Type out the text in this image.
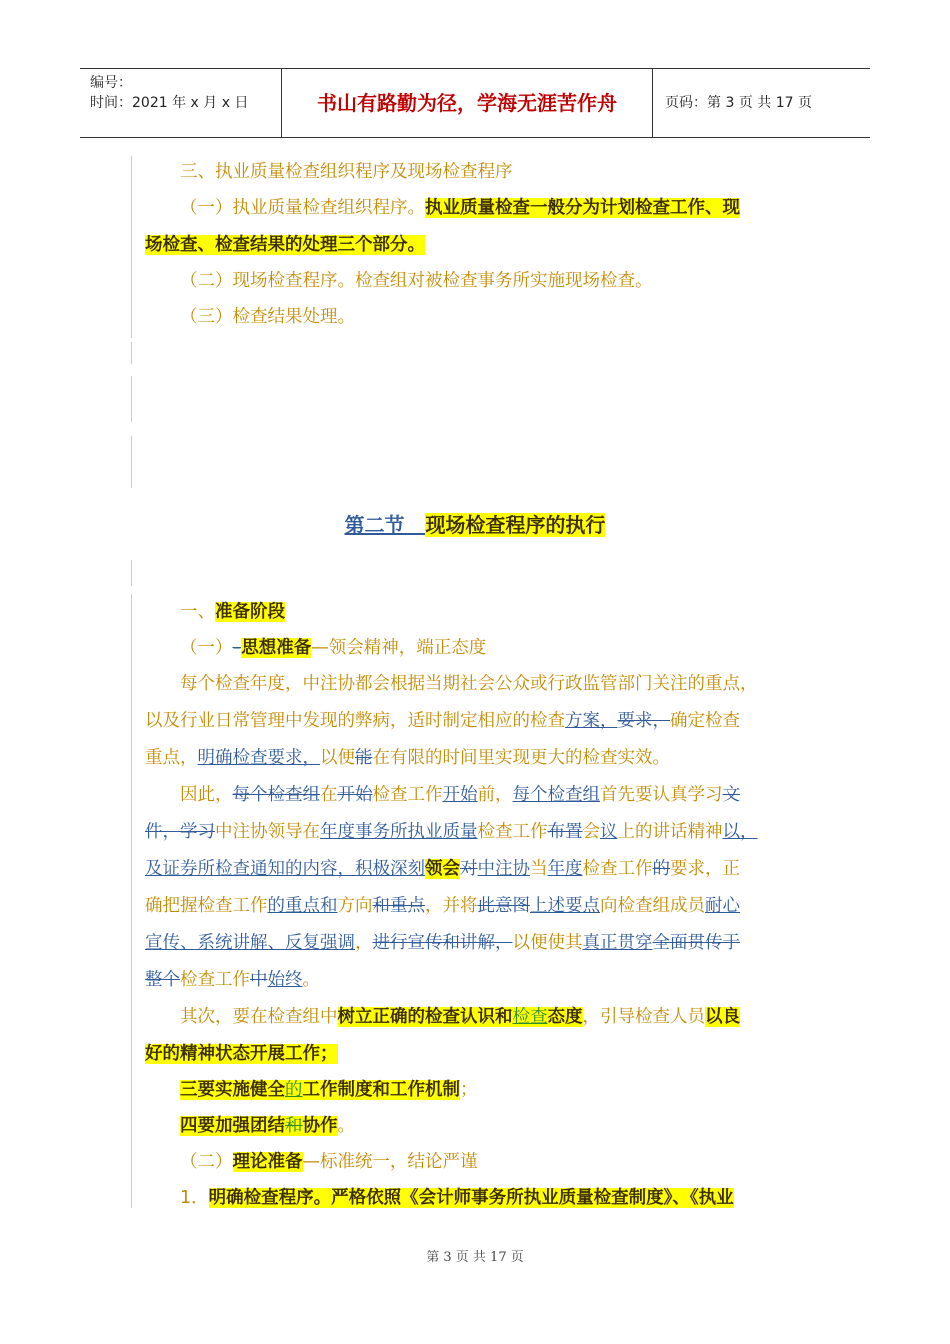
编号：
时间：2021 年 x 月 x 日	书山有路勤为径，学海无涯苦作舟	页码：第 3 页 共 17 页
三、执业质量检查组织程序及现场检查程序
（一）执业质量检查组织程序。执业质量检查一般分为计划检查工作、现
场检查、检查结果的处理三个部分。
（二）现场检查程序。检查组对被检查事务所实施现场检查。
（三）检查结果处理。
第二节 现场检查程序的执行
一、准备阶段
（一）–思想准备—领会精神，端正态度
每个检查年度，中注协都会根据当期社会公众或行政监管部门关注的重点，
以及行业日常管理中发现的弊病，适时制定相应的检查方案，要求，确定检查
重点，明确检查要求，以便能在有限的时间里实现更大的检查实效。
因此，每个检查组在开始检查工作开始前，每个检查组首先要认真学习文
件，学习中注协领导在年度事务所执业质量检查工作布置会议上的讲话精神以，
及证券所检查通知的内容，积极深刻领会对中注协当年度检查工作的要求，正
确把握检查工作的重点和方向和重点，并将此意图上述要点向检查组成员耐心
宣传、系统讲解、反复强调，进行宣传和讲解，以便使其真正贯穿全面贯传于
整个检查工作中始终。
其次，要在检查组中树立正确的检查认识和检查态度，引导检查人员以良
好的精神状态开展工作；
三要实施健全的工作制度和工作机制；
四要加强团结和协作。
（二）理论准备—标准统一，结论严谨
1．明确检查程序。严格依照《会计师事务所执业质量检查制度》、《执业
第 3 页 共 17 页
